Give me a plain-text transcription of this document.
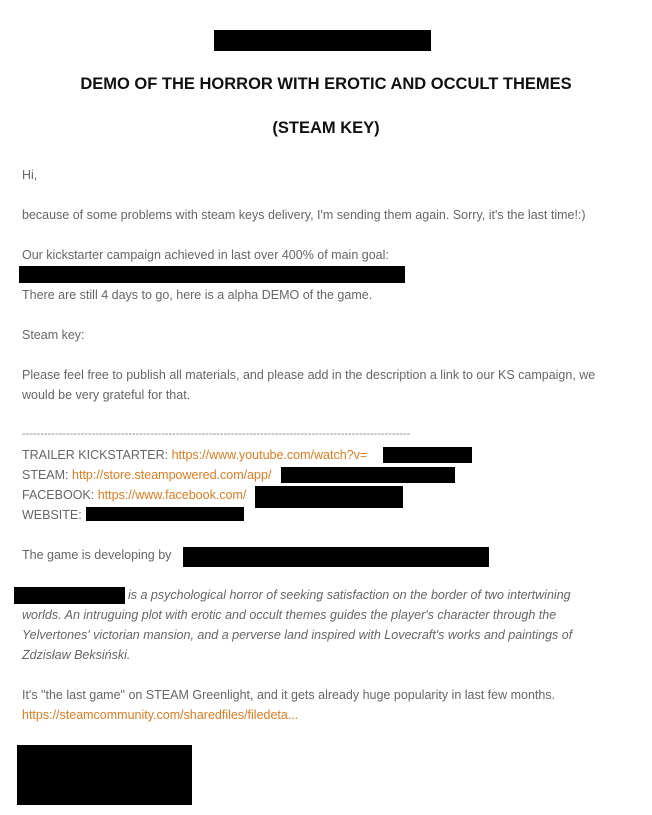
DEMO OF THE HORROR WITH EROTIC AND OCCULT THEMES
(STEAM KEY)
Hi,
because of some problems with steam keys delivery, I'm sending them again. Sorry, it's the last time!:)
Our kickstarter campaign achieved in last over 400% of main goal:
There are still 4 days to go, here is a alpha DEMO of the game.
Steam key:
Please feel free to publish all materials, and please add in the description a link to our KS campaign, we
would be very grateful for that.
----------------------------------------------------------------------------------------------------------
TRAILER KICKSTARTER: https://www.youtube.com/watch?v=
STEAM: http://store.steampowered.com/app/
FACEBOOK: https://www.facebook.com/
WEBSITE:
The game is developing by
is a psychological horror of seeking satisfaction on the border of two intertwining
worlds. An intruguing plot with erotic and occult themes guides the player's character through the
Yelvertones' victorian mansion, and a perverse land inspired with Lovecraft's works and paintings of
Zdzisław Beksiński.
It's "the last game" on STEAM Greenlight, and it gets already huge popularity in last few months.
https://steamcommunity.com/sharedfiles/filedeta...
